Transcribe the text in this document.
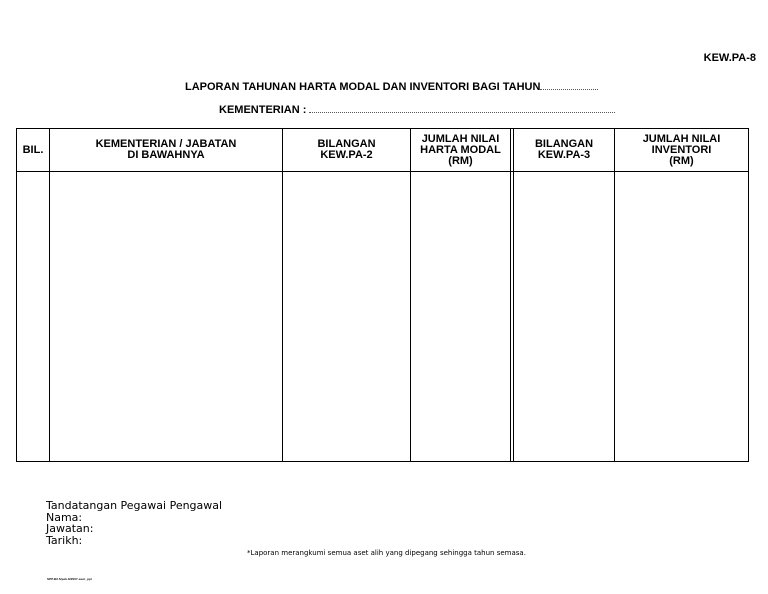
KEW.PA-8
LAPORAN TAHUNAN HARTA MODAL DAN INVENTORI BAGI TAHUN
KEMENTERIAN :
BIL.	KEMENTERIAN / JABATAN
DI BAWAHNYA
BILANGAN
KEW.PA-2
JUMLAH NILAI
HARTA MODAL
(RM)
BILANGAN
KEW.PA-3
JUMLAH NILAI
INVENTORI
(RM)
Tandatangan Pegawai Pengawal
Nama:
Jawatan:
Tarikh:
*Laporan merangkumi semua aset alih yang dipegang sehingga tahun semasa.
SPP.Bil.5/pek.8/2007-aset_ppr
